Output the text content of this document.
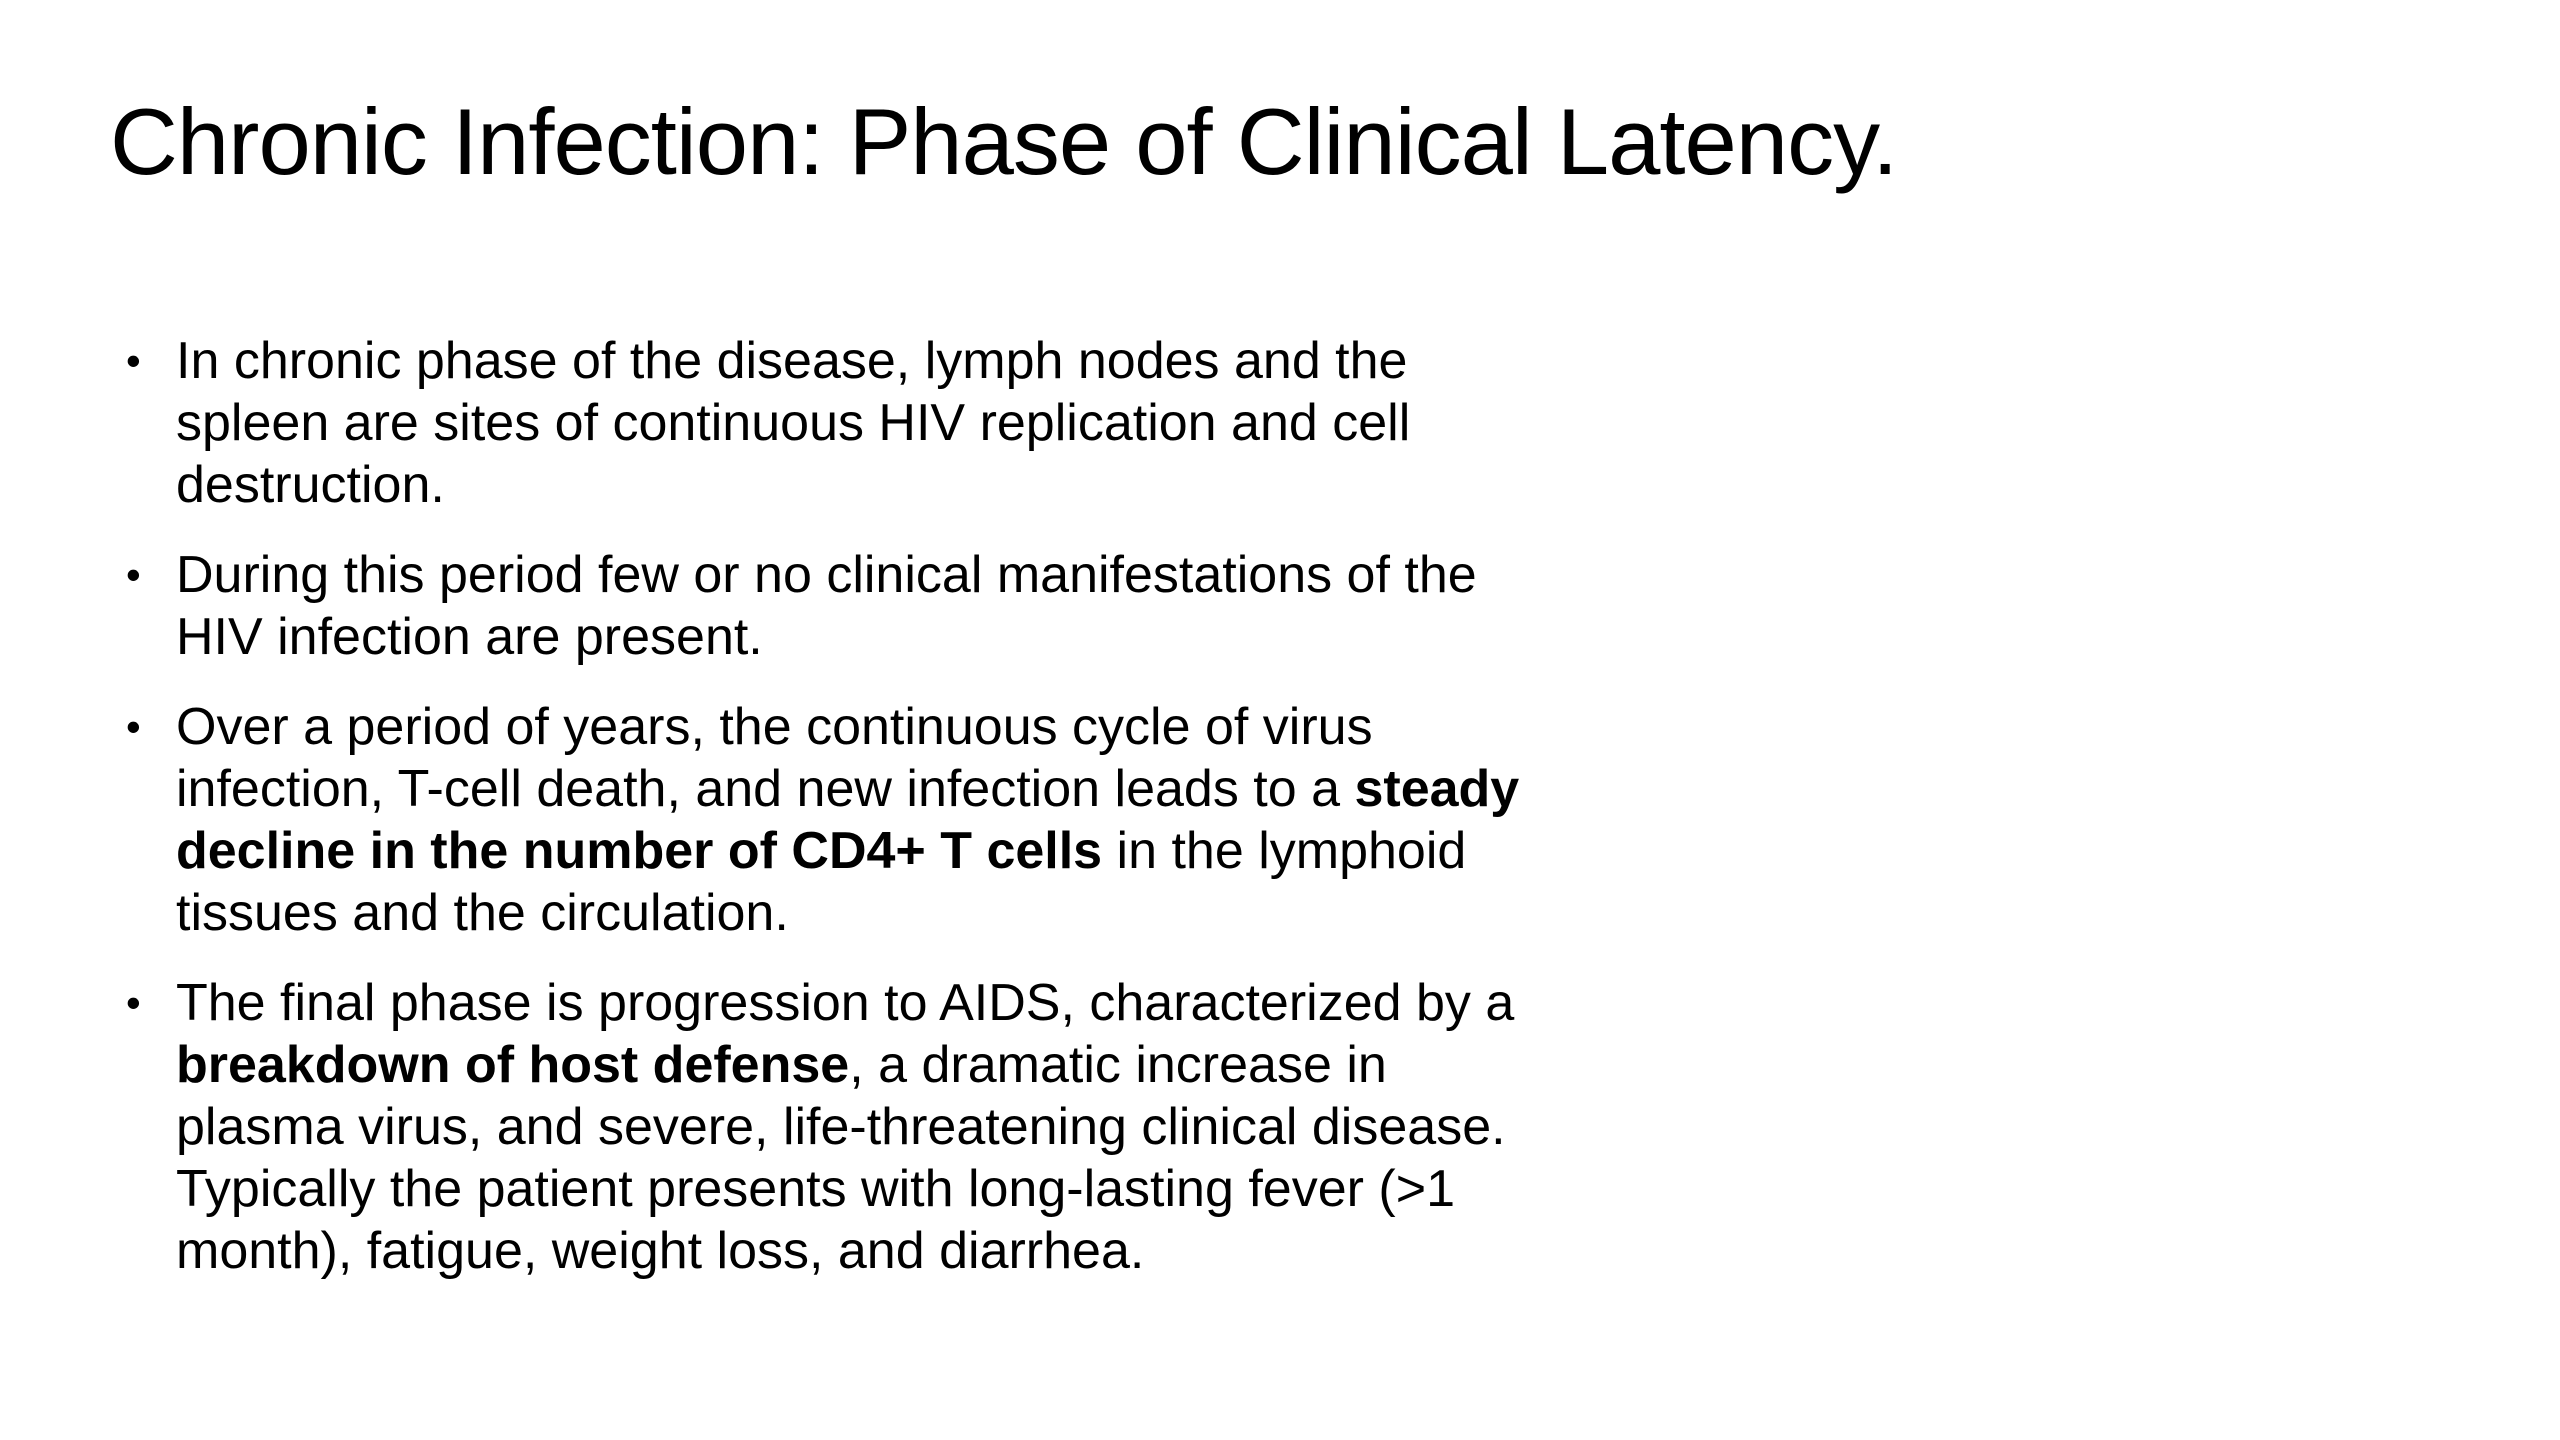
Chronic Infection: Phase of Clinical Latency.
• In chronic phase of the disease, lymph nodes and the spleen are sites of continuous HIV replication and cell destruction.
• During this period few or no clinical manifestations of the HIV infection are present.
• Over a period of years, the continuous cycle of virus infection, T-cell death, and new infection leads to a steady decline in the number of CD4+ T cells in the lymphoid tissues and the circulation.
• The final phase is progression to AIDS, characterized by a breakdown of host defense, a dramatic increase in plasma virus, and severe, life-threatening clinical disease. Typically the patient presents with long-lasting fever (>1 month), fatigue, weight loss, and diarrhea.
